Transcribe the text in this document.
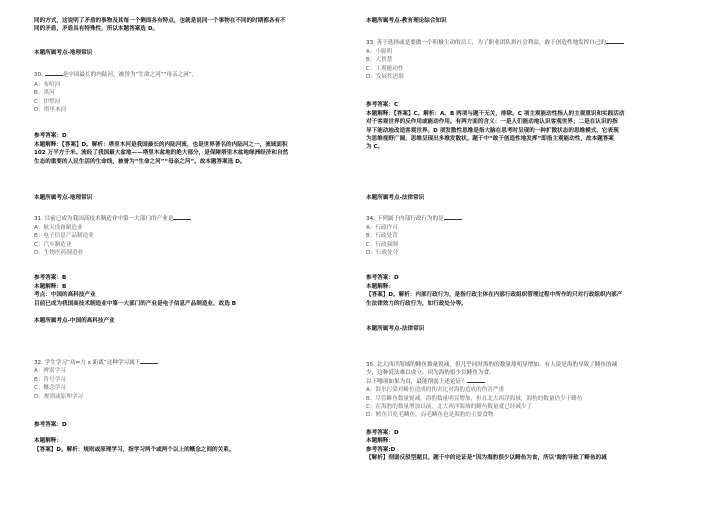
同的方式，这说明了矛盾的事物及其每一个侧面各有特点，也就是说同一个事物在不同的时期都各有不
同的矛盾，矛盾具有特殊性，所以本题答案选 D。
本题所属考点-地理常识
30.	是中国最长的内陆河，被誉为“生命之河”“母亲之河”。
A：布哈河
B：黑河
C：伊犁河
D：塔里木河
参考答案：D
本题解释：【答案】D。解析：塔里木河是我国最长的内陆河流，也是世界著名的内陆河之一，流域面积
102 万平方千米。流经了我国最大盆地——塔里木盆地的绝大部分，是保障塔里木盆地绿洲经济和自然
生态的重要的人民生活的生命线，被誉为“生命之河”“母亲之河”。故本题答案选 D。
本题所属考点-地理常识
31. 目前已成为我国高技术制造业中第一大部门的产业是
A：航天设备制造业
B：电子信息产品制造业
C：汽车制造业
D：生物医药制造业
参考答案：B
本题解释：B
考点：中国的高科技产业
目前已成为我国高技术制造业中第一大部门的产业是电子信息产品制造业，故选 B
本题所属考点-中国的高科技产业
32. 学生学习“功=力 x 距离”这种学习属于
A：辨别学习
B：符号学习
C：概念学习
D：规则或原理学习
参考答案：D
本题解释：
【答案】D。解析：规则或原理学习，指学习两个或两个以上的概念之间的关系。
本题所属考点-教育理论综合知识
33. 善于选择或是要做一个积极主动的员工，为了职业团队拼社会利益，敢于创造性地发挥自己的
A：小聪明
B：大智慧
C：主观能动性
D：发展性思维
参考答案：C
本题解释：【答案】C。解析：A、B 两项与题干无关，排除。C 项主观能动性指人的主观意识和实践活动
对于客观世界的反作用或能动作用。有两方面的含义：一是人们能动地认识客观世界；二是在认识的指
导下能动地改造客观世界。D 项发散性思维是指大脑在思考时呈现的一种扩散状态的思维模式，它表现
为思维视野广阔，思维呈现出多维发散状。题干中“敢于创造性地发挥”即指主观能动性，故本题答案
为 C。
本题所属考点-法律常识
34. 下列属于内部行政行为的是
A：行政许可
B：行政处罚
C：行政强制
D：行政处分
参考答案：D
本题解释：
【答案】D。解析：内部行政行为，是指行政主体在内部行政组织管理过程中所作的只对行政组织内部产
生法律效力的行政行为，如行政处分等。
本题所属考点-法律常识
35. 北大西洋海域的鲱鱼数量锐减，但几乎同时海豹的数量却明显增加。有人说是海豹导致了鲱鱼的减
少，这种说法难以成立，因为海豹很少以鲱鱼为食。
以下哪项如果为真，最能削弱上述论证？
A：海水污染对鲱鱼造成的伤害比对海豹造成的伤害严重
B：尽管鲱鱼数量锐减，海豹数量明显增加，但在北大西洋海域，海豹的数量仍少于鲱鱼
C：在海豹的数量增加以前，北大西洋海域的鲱鱼数量就已经减少了
D：鳕鱼只吃毛鳞鱼，而毛鳞鱼也是海豹的主要食物
参考答案：D
本题解释：
参考答案:D
【解析】削弱反驳型题目。题干中的论证是“因为海豹很少以鲱鱼为食，所以‘海豹导致了鲱鱼的减
